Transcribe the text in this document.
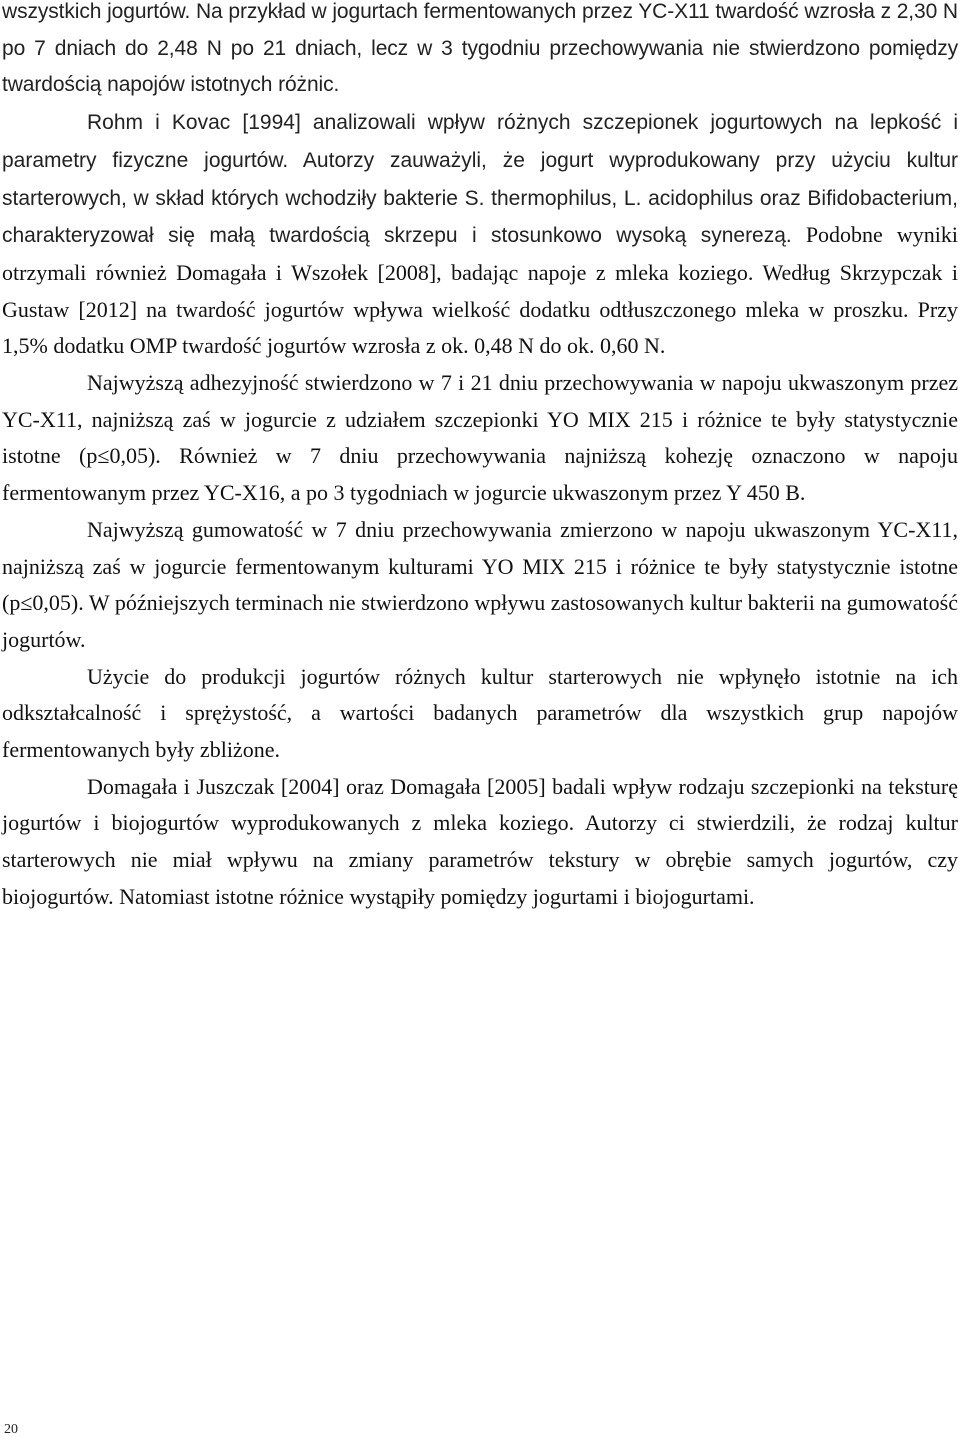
wszystkich jogurtów. Na przykład w jogurtach fermentowanych przez YC-X11 twardość wzrosła z 2,30 N po 7 dniach do 2,48 N po 21 dniach, lecz w 3 tygodniu przechowywania nie stwierdzono pomiędzy twardością napojów istotnych różnic.

Rohm i Kovac [1994] analizowali wpływ różnych szczepionek jogurtowych na lepkość i parametry fizyczne jogurtów. Autorzy zauważyli, że jogurt wyprodukowany przy użyciu kultur starterowych, w skład których wchodziły bakterie S. thermophilus, L. acidophilus oraz Bifidobacterium, charakteryzował się małą twardością skrzepu i stosunkowo wysoką synerezą. Podobne wyniki otrzymali również Domagała i Wszołek [2008], badając napoje z mleka koziego. Według Skrzypczak i Gustaw [2012] na twardość jogurtów wpływa wielkość dodatku odtłuszczonego mleka w proszku. Przy 1,5% dodatku OMP twardość jogurtów wzrosła z ok. 0,48 N do ok. 0,60 N.

Najwyższą adhezyjność stwierdzono w 7 i 21 dniu przechowywania w napoju ukwaszonym przez YC-X11, najniższą zaś w jogurcie z udziałem szczepionki YO MIX 215 i różnice te były statystycznie istotne (p≤0,05). Również w 7 dniu przechowywania najniższą kohezję oznaczono w napoju fermentowanym przez YC-X16, a po 3 tygodniach w jogurcie ukwaszonym przez Y 450 B.

Najwyższą gumowatość w 7 dniu przechowywania zmierzono w napoju ukwaszonym YC-X11, najniższą zaś w jogurcie fermentowanym kulturami YO MIX 215 i różnice te były statystycznie istotne (p≤0,05). W późniejszych terminach nie stwierdzono wpływu zastosowanych kultur bakterii na gumowatość jogurtów.

Użycie do produkcji jogurtów różnych kultur starterowych nie wpłynęło istotnie na ich odkształcalność i sprężystość, a wartości badanych parametrów dla wszystkich grup napojów fermentowanych były zbliżone.

Domagała i Juszczak [2004] oraz Domagała [2005] badali wpływ rodzaju szczepionki na teksturę jogurtów i biojogurtów wyprodukowanych z mleka koziego. Autorzy ci stwierdzili, że rodzaj kultur starterowych nie miał wpływu na zmiany parametrów tekstury w obrębie samych jogurtów, czy biojogurtów. Natomiast istotne różnice wystąpiły pomiędzy jogurtami i biojogurtami.

20
